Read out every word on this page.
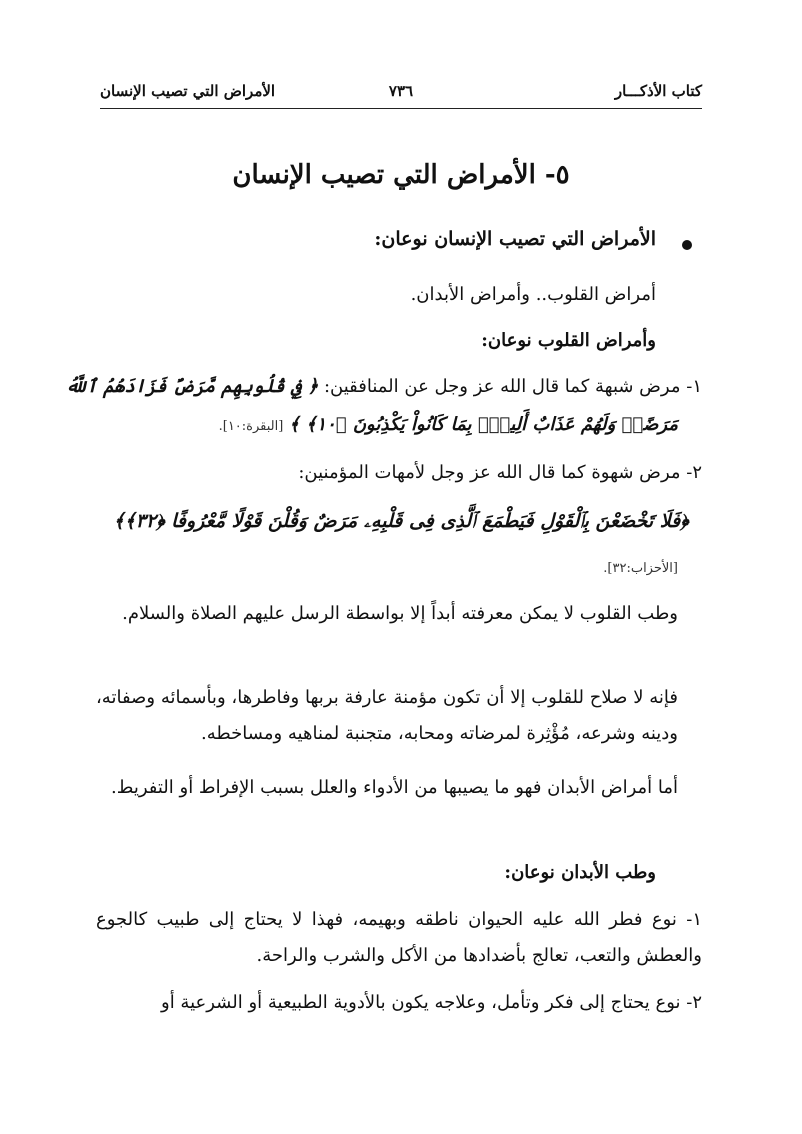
كتاب الأذكـــار
٧٣٦
الأمراض التي تصيب الإنسان
٥- الأمراض التي تصيب الإنسان
الأمراض التي تصيب الإنسان نوعان:
أمراض القلوب.. وأمراض الأبدان.
وأمراض القلوب نوعان:
١- مرض شبهة كما قال الله عز وجل عن المنافقين: ﴿ فِي قُلُوبِهِم مَّرَضٌ فَزَادَهُمُ ٱللَّهُ
مَرَضًاۖ وَلَهُمْ عَذَابٌ أَلِيمُۢ بِمَا كَانُواْ يَكْذِبُونَ ﴿١٠﴾ ﴾ [البقرة:١٠].
٢- مرض شهوة كما قال الله عز وجل لأمهات المؤمنين:
﴿فَلَا تَخْضَعْنَ بِٱلْقَوْلِ فَيَطْمَعَ ٱلَّذِى فِى قَلْبِهِۦ مَرَضٌ وَقُلْنَ قَوْلًا مَّعْرُوفًا ﴿٣٢﴾﴾
[الأحزاب:٣٢].
وطب القلوب لا يمكن معرفته أبداً إلا بواسطة الرسل عليهم الصلاة والسلام.
فإنه لا صلاح للقلوب إلا أن تكون مؤمنة عارفة بربها وفاطرها، وبأسمائه وصفاته، ودينه وشرعه، مُؤْثِرة لمرضاته ومحابه، متجنبة لمناهيه ومساخطه.
أما أمراض الأبدان فهو ما يصيبها من الأدواء والعلل بسبب الإفراط أو التفريط.
وطب الأبدان نوعان:
١- نوع فطر الله عليه الحيوان ناطقه وبهيمه، فهذا لا يحتاج إلى طبيب كالجوع والعطش والتعب، تعالج بأضدادها من الأكل والشرب والراحة.
٢- نوع يحتاج إلى فكر وتأمل، وعلاجه يكون بالأدوية الطبيعية أو الشرعية أو
